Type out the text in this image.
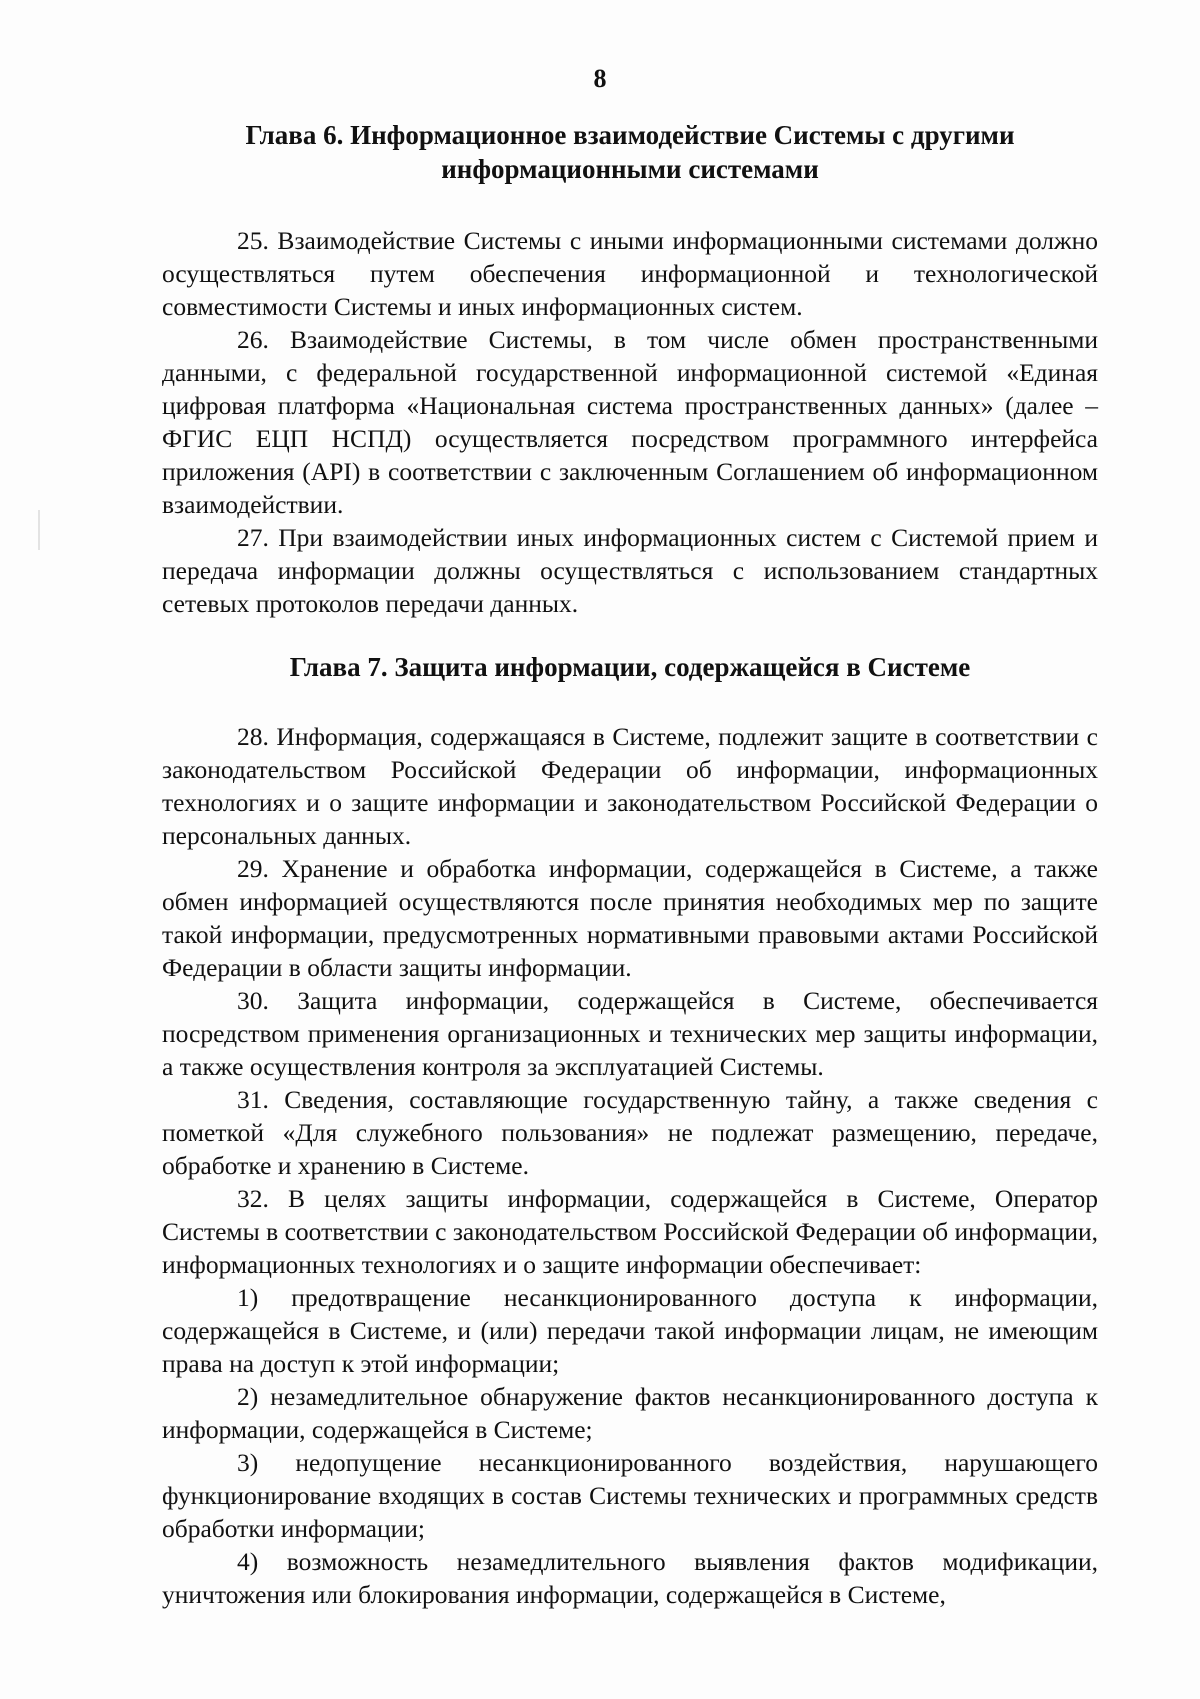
8
Глава 6. Информационное взаимодействие Системы с другими
информационными системами

25. Взаимодействие Системы с иными информационными системами должно осуществляться путем обеспечения информационной и технологической совместимости Системы и иных информационных систем.

26. Взаимодействие Системы, в том числе обмен пространственными данными, с федеральной государственной информационной системой «Единая цифровая платформа «Национальная система пространственных данных» (далее – ФГИС ЕЦП НСПД) осуществляется посредством программного интерфейса приложения (API) в соответствии с заключенным Соглашением об информационном взаимодействии.

27. При взаимодействии иных информационных систем с Системой прием и передача информации должны осуществляться с использованием стандартных сетевых протоколов передачи данных.

Глава 7. Защита информации, содержащейся в Системе

28. Информация, содержащаяся в Системе, подлежит защите в соответствии с законодательством Российской Федерации об информации, информационных технологиях и о защите информации и законодательством Российской Федерации о персональных данных.

29. Хранение и обработка информации, содержащейся в Системе, а также обмен информацией осуществляются после принятия необходимых мер по защите такой информации, предусмотренных нормативными правовыми актами Российской Федерации в области защиты информации.

30. Защита информации, содержащейся в Системе, обеспечивается посредством применения организационных и технических мер защиты информации, а также осуществления контроля за эксплуатацией Системы.

31. Сведения, составляющие государственную тайну, а также сведения с пометкой «Для служебного пользования» не подлежат размещению, передаче, обработке и хранению в Системе.

32. В целях защиты информации, содержащейся в Системе, Оператор Системы в соответствии с законодательством Российской Федерации об информации, информационных технологиях и о защите информации обеспечивает:

1) предотвращение несанкционированного доступа к информации, содержащейся в Системе, и (или) передачи такой информации лицам, не имеющим права на доступ к этой информации;

2) незамедлительное обнаружение фактов несанкционированного доступа к информации, содержащейся в Системе;

3) недопущение несанкционированного воздействия, нарушающего функционирование входящих в состав Системы технических и программных средств обработки информации;

4) возможность незамедлительного выявления фактов модификации, уничтожения или блокирования информации, содержащейся в Системе,
